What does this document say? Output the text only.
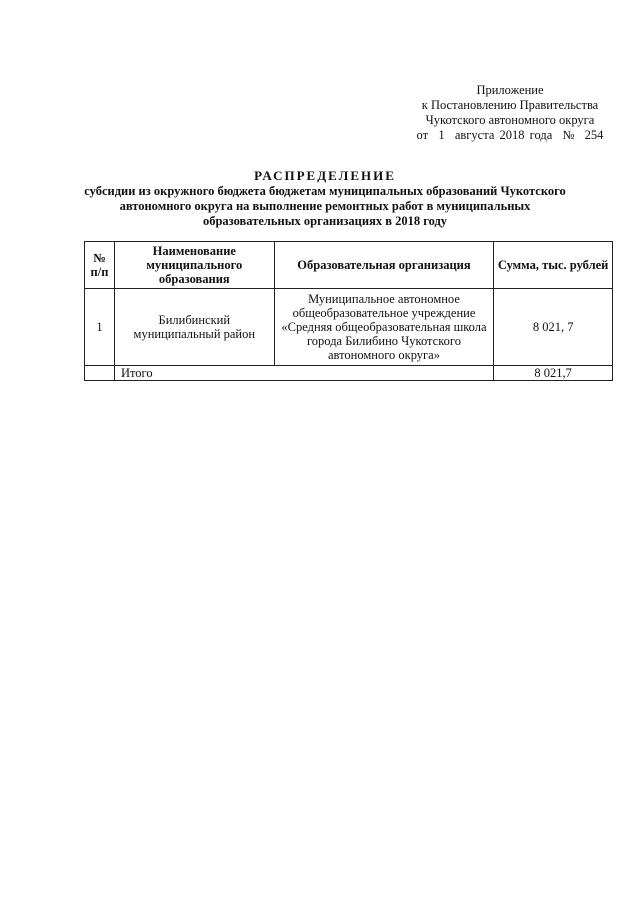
Приложение
к Постановлению Правительства
Чукотского автономного округа
от  1  августа 2018 года  №  254
РАСПРЕДЕЛЕНИЕ
субсидии из окружного бюджета бюджетам муниципальных образований Чукотского автономного округа на выполнение ремонтных работ в муниципальных образовательных организациях в 2018 году
№ п/п	Наименование муниципального образования	Образовательная организация	Сумма, тыс. рублей
1	Билибинский муниципальный район	Муниципальное автономное общеобразовательное учреждение «Средняя общеобразовательная школа города Билибино Чукотского автономного округа»	8 021, 7
	Итого		8 021,7
